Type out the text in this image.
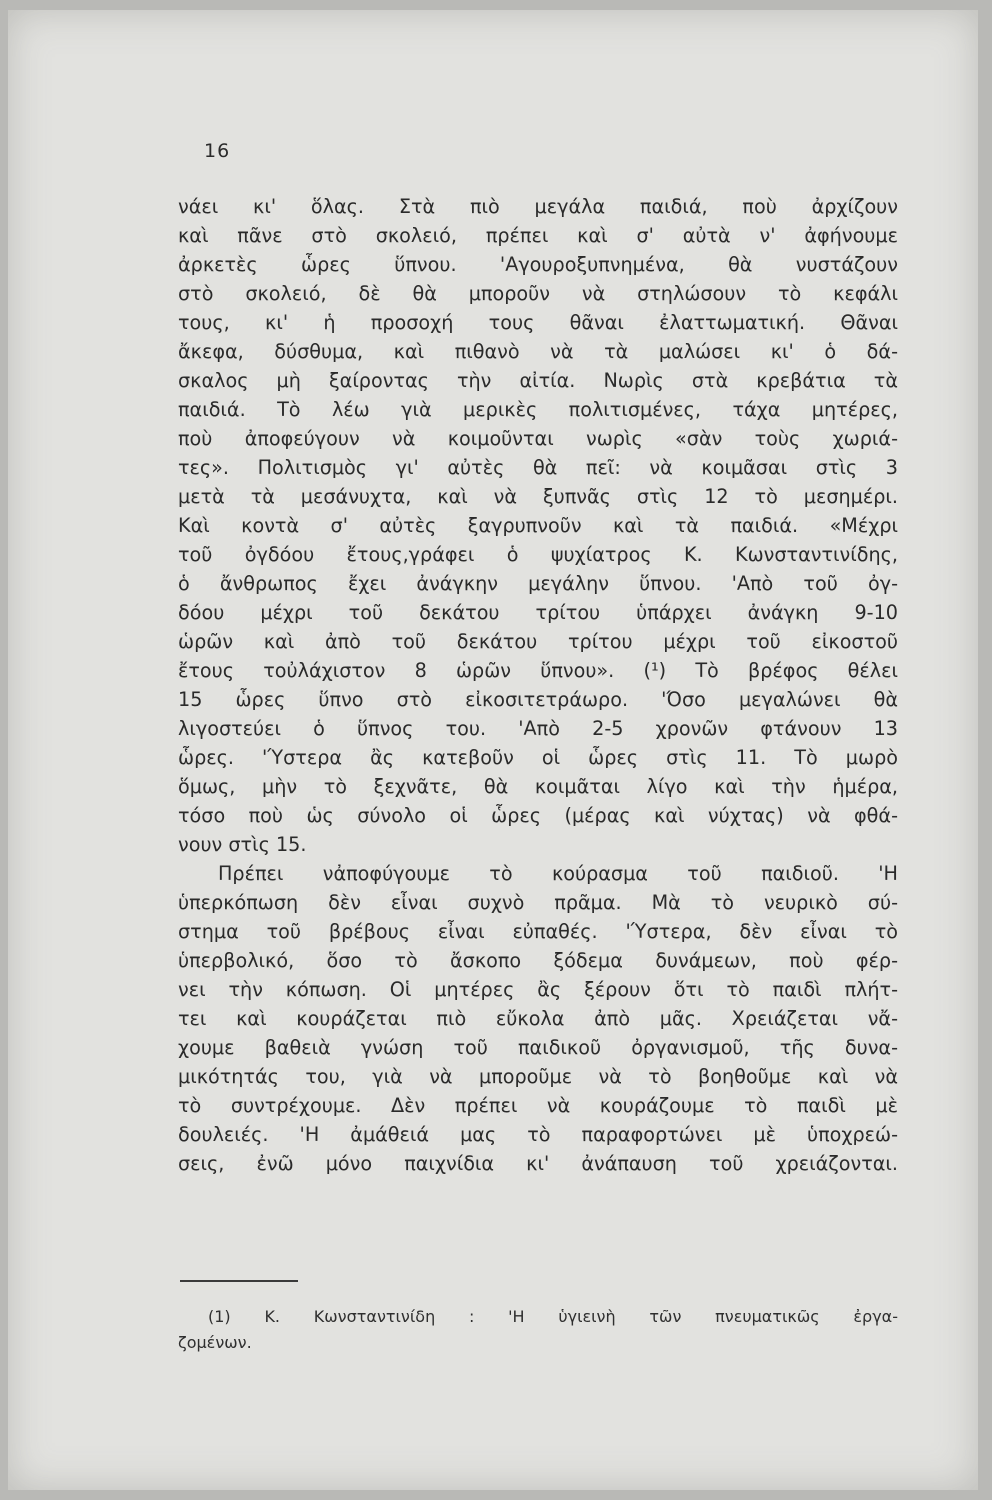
16
νάει κι' ὅλας. Στὰ πιὸ μεγάλα παιδιά, ποὺ ἀρχίζουν
καὶ πᾶνε στὸ σκολειό, πρέπει καὶ σ' αὐτὰ ν' ἀφήνουμε
ἀρκετὲς ὧρες ὕπνου. 'Αγουροξυπνημένα, θὰ νυστάζουν
στὸ σκολειό, δὲ θὰ μποροῦν νὰ στηλώσουν τὸ κεφάλι
τους, κι' ἡ προσοχή τους θᾶναι ἐλαττωματική. Θᾶναι
ἄκεφα, δύσθυμα, καὶ πιθανὸ νὰ τὰ μαλώσει κι' ὁ δά-
σκαλος μὴ ξαίροντας τὴν αἰτία. Νωρὶς στὰ κρεβάτια τὰ
παιδιά. Τὸ λέω γιὰ μερικὲς πολιτισμένες, τάχα μητέρες,
ποὺ ἀποφεύγουν νὰ κοιμοῦνται νωρὶς «σὰν τοὺς χωριά-
τες». Πολιτισμὸς γι' αὐτὲς θὰ πεῖ: νὰ κοιμᾶσαι στὶς 3
μετὰ τὰ μεσάνυχτα, καὶ νὰ ξυπνᾶς στὶς 12 τὸ μεσημέρι.
Καὶ κοντὰ σ' αὐτὲς ξαγρυπνοῦν καὶ τὰ παιδιά. «Μέχρι
τοῦ ὀγδόου ἔτους,γράφει ὁ ψυχίατρος Κ. Κωνσταντινίδης,
ὁ ἄνθρωπος ἔχει ἀνάγκην μεγάλην ὕπνου. 'Απὸ τοῦ ὀγ-
δόου μέχρι τοῦ δεκάτου τρίτου ὑπάρχει ἀνάγκη 9-10
ὡρῶν καὶ ἀπὸ τοῦ δεκάτου τρίτου μέχρι τοῦ εἰκοστοῦ
ἔτους τοὐλάχιστον 8 ὡρῶν ὕπνου». (¹) Τὸ βρέφος θέλει
15 ὧρες ὕπνο στὸ εἰκοσιτετράωρο. 'Όσο μεγαλώνει θὰ
λιγοστεύει ὁ ὕπνος του. 'Απὸ 2-5 χρονῶν φτάνουν 13
ὧρες. 'Ύστερα ἂς κατεβοῦν οἱ ὧρες στὶς 11. Τὸ μωρὸ
ὅμως, μὴν τὸ ξεχνᾶτε, θὰ κοιμᾶται λίγο καὶ τὴν ἡμέρα,
τόσο ποὺ ὡς σύνολο οἱ ὧρες (μέρας καὶ νύχτας) νὰ φθά-
νουν στὶς 15.
Πρέπει νἀποφύγουμε τὸ κούρασμα τοῦ παιδιοῦ. 'Η
ὑπερκόπωση δὲν εἶναι συχνὸ πρᾶμα. Μὰ τὸ νευρικὸ σύ-
στημα τοῦ βρέβους εἶναι εὐπαθές. 'Ύστερα, δὲν εἶναι τὸ
ὑπερβολικό, ὅσο τὸ ἄσκοπο ξόδεμα δυνάμεων, ποὺ φέρ-
νει τὴν κόπωση. Οἱ μητέρες ἂς ξέρουν ὅτι τὸ παιδὶ πλήτ-
τει καὶ κουράζεται πιὸ εὔκολα ἀπὸ μᾶς. Χρειάζεται νἄ-
χουμε βαθειὰ γνώση τοῦ παιδικοῦ ὀργανισμοῦ, τῆς δυνα-
μικότητάς του, γιὰ νὰ μποροῦμε νὰ τὸ βοηθοῦμε καὶ νὰ
τὸ συντρέχουμε. Δὲν πρέπει νὰ κουράζουμε τὸ παιδὶ μὲ
δουλειές. 'Η ἀμάθειά μας τὸ παραφορτώνει μὲ ὑποχρεώ-
σεις, ἐνῶ μόνο παιχνίδια κι' ἀνάπαυση τοῦ χρειάζονται.
(1) Κ. Κωνσταντινίδη : 'Η ὑγιεινὴ τῶν πνευματικῶς ἐργα-
ζομένων.
